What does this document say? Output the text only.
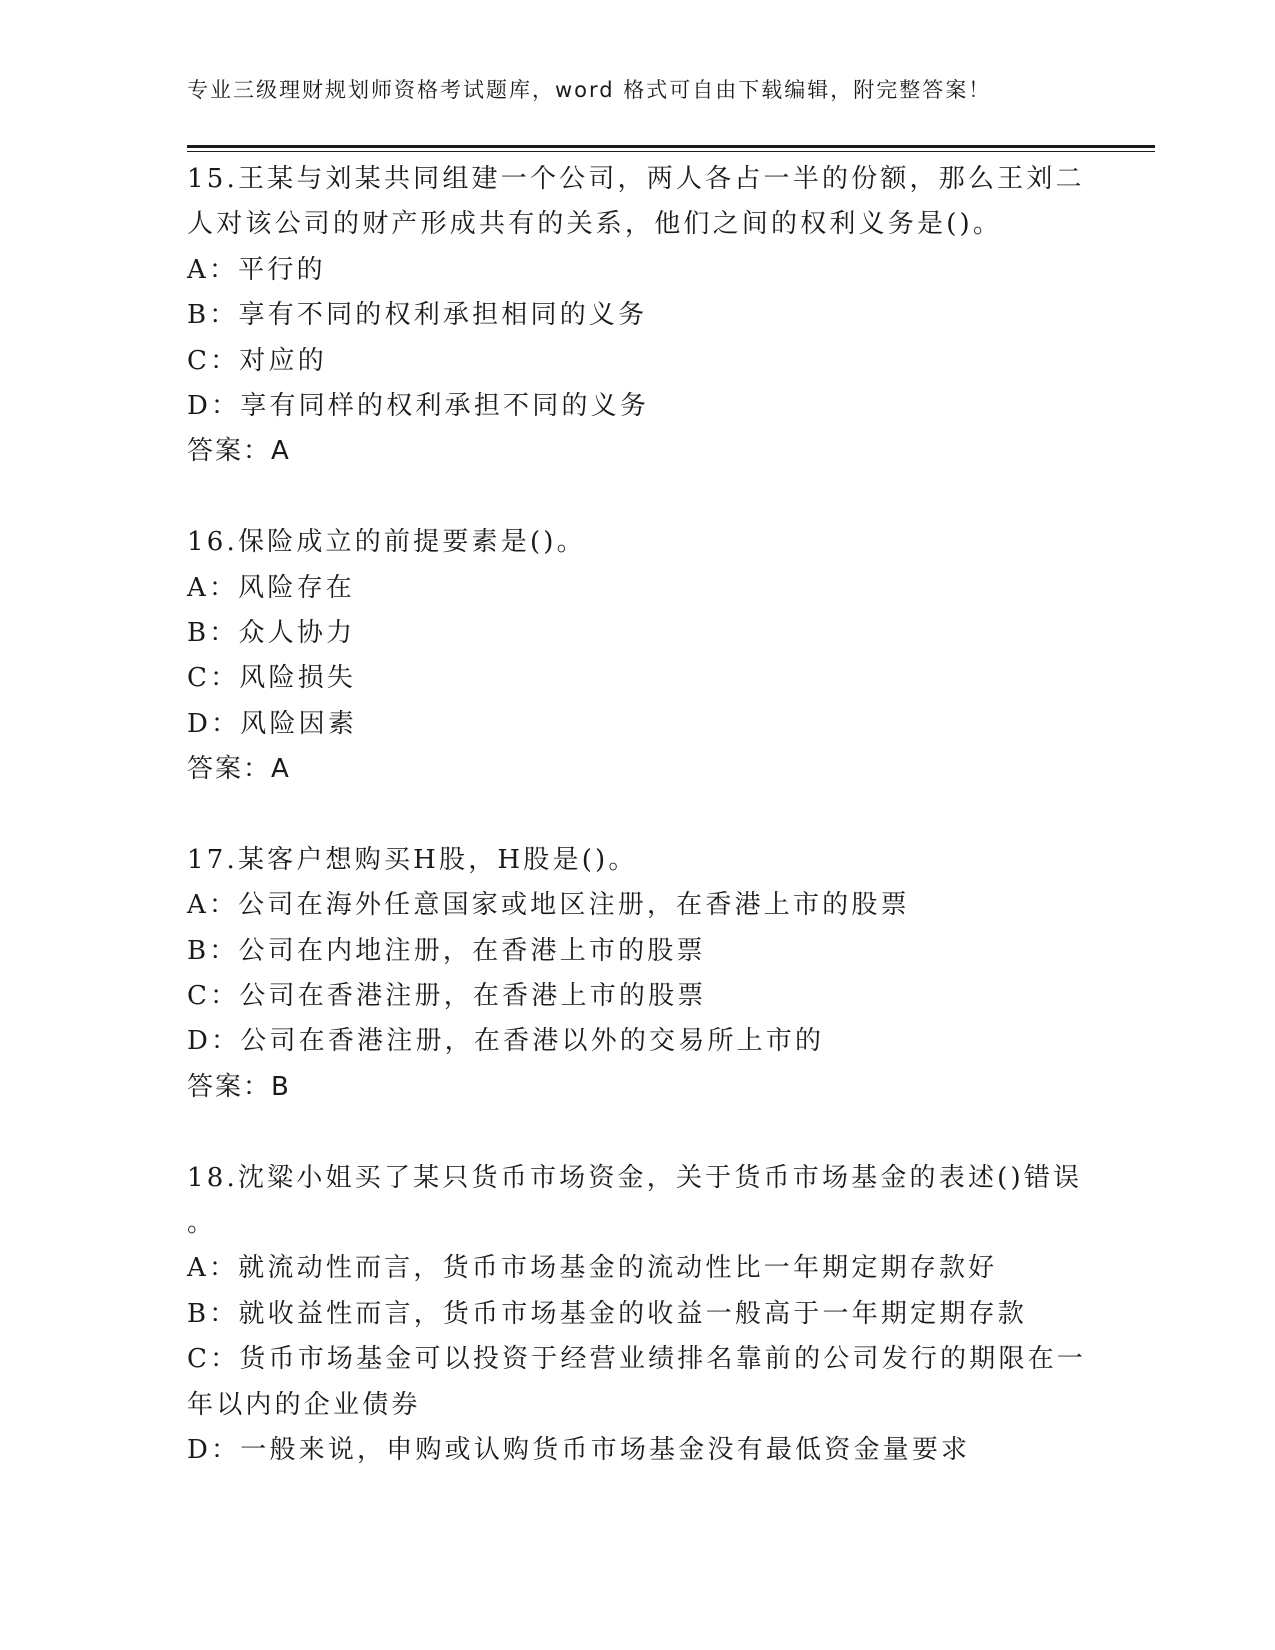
专业三级理财规划师资格考试题库，word 格式可自由下载编辑，附完整答案！
15.王某与刘某共同组建一个公司，两人各占一半的份额，那么王刘二
人对该公司的财产形成共有的关系，他们之间的权利义务是()。
A：平行的
B：享有不同的权利承担相同的义务
C：对应的
D：享有同样的权利承担不同的义务
答案：A
16.保险成立的前提要素是()。
A：风险存在
B：众人协力
C：风险损失
D：风险因素
答案：A
17.某客户想购买H股，H股是()。
A：公司在海外任意国家或地区注册，在香港上市的股票
B：公司在内地注册，在香港上市的股票
C：公司在香港注册，在香港上市的股票
D：公司在香港注册，在香港以外的交易所上市的
答案：B
18.沈粱小姐买了某只货币市场资金，关于货币市场基金的表述()错误
。
A：就流动性而言，货币市场基金的流动性比一年期定期存款好
B：就收益性而言，货币市场基金的收益一般高于一年期定期存款
C：货币市场基金可以投资于经营业绩排名靠前的公司发行的期限在一
年以内的企业债券
D：一般来说，申购或认购货币市场基金没有最低资金量要求
